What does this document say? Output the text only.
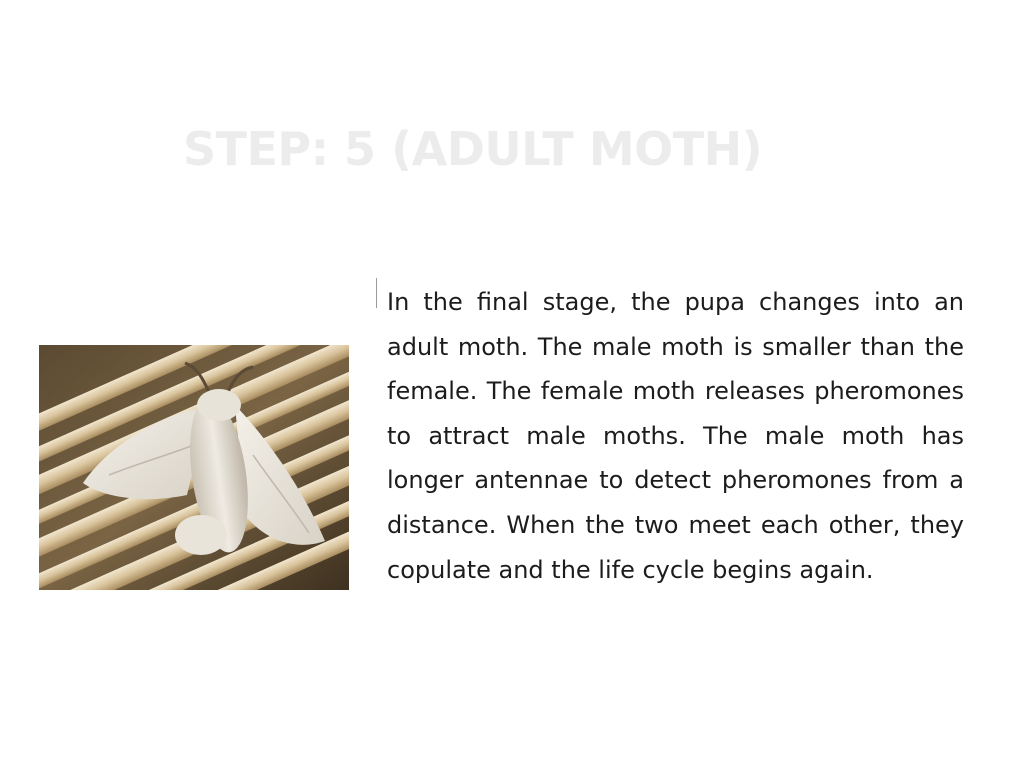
STEP: 5 (ADULT MOTH)

In the final stage, the pupa changes into an adult moth. The male moth is smaller than the female. The female moth releases pheromones to attract male moths. The male moth has longer antennae to detect pheromones from a distance. When the two meet each other, they copulate and the life cycle begins again.
